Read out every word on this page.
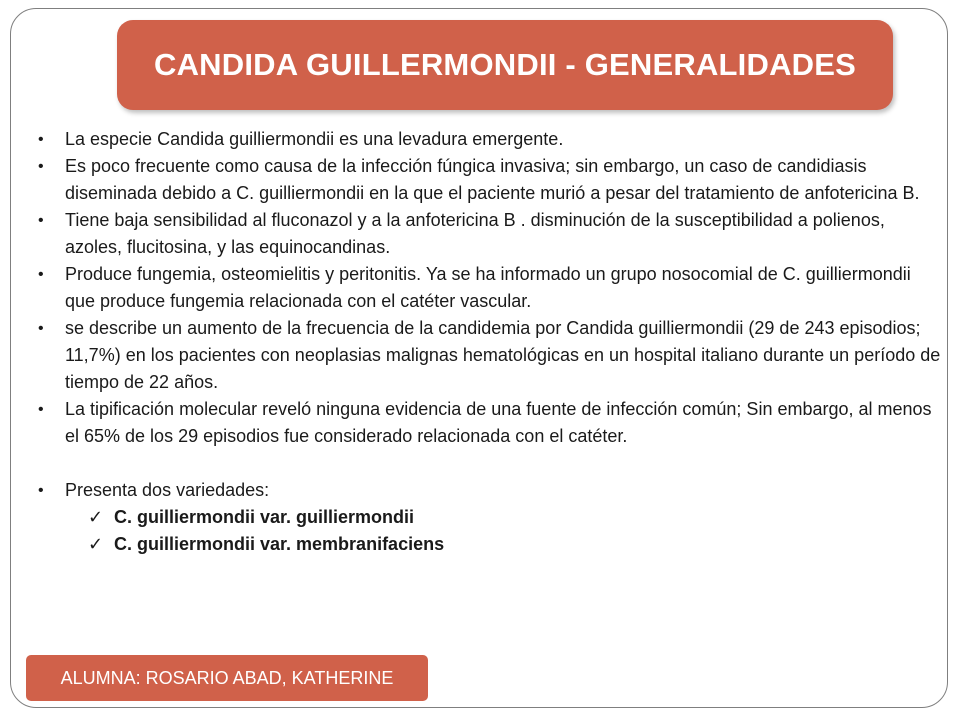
CANDIDA GUILLERMONDII - GENERALIDADES
• La especie Candida guilliermondii es una levadura emergente.
• Es poco frecuente como causa de la infección fúngica invasiva; sin embargo, un caso de candidiasis diseminada debido a C. guilliermondii en la que el paciente murió a pesar del tratamiento de anfotericina B.
• Tiene baja sensibilidad al fluconazol y a la anfotericina B . disminución de la susceptibilidad a polienos, azoles, flucitosina, y las equinocandinas.
• Produce fungemia, osteomielitis y peritonitis. Ya se ha informado un grupo nosocomial de C. guilliermondii que produce fungemia relacionada con el catéter vascular.
• se describe un aumento de la frecuencia de la candidemia por Candida guilliermondii (29 de 243 episodios; 11,7%) en los pacientes con neoplasias malignas hematológicas en un hospital italiano durante un período de tiempo de 22 años.
• La tipificación molecular reveló ninguna evidencia de una fuente de infección común; Sin embargo, al menos el 65% de los 29 episodios fue considerado relacionada con el catéter.
• Presenta dos variedades:
✓ C. guilliermondii var. guilliermondii
✓ C. guilliermondii var. membranifaciens
ALUMNA: ROSARIO ABAD, KATHERINE
